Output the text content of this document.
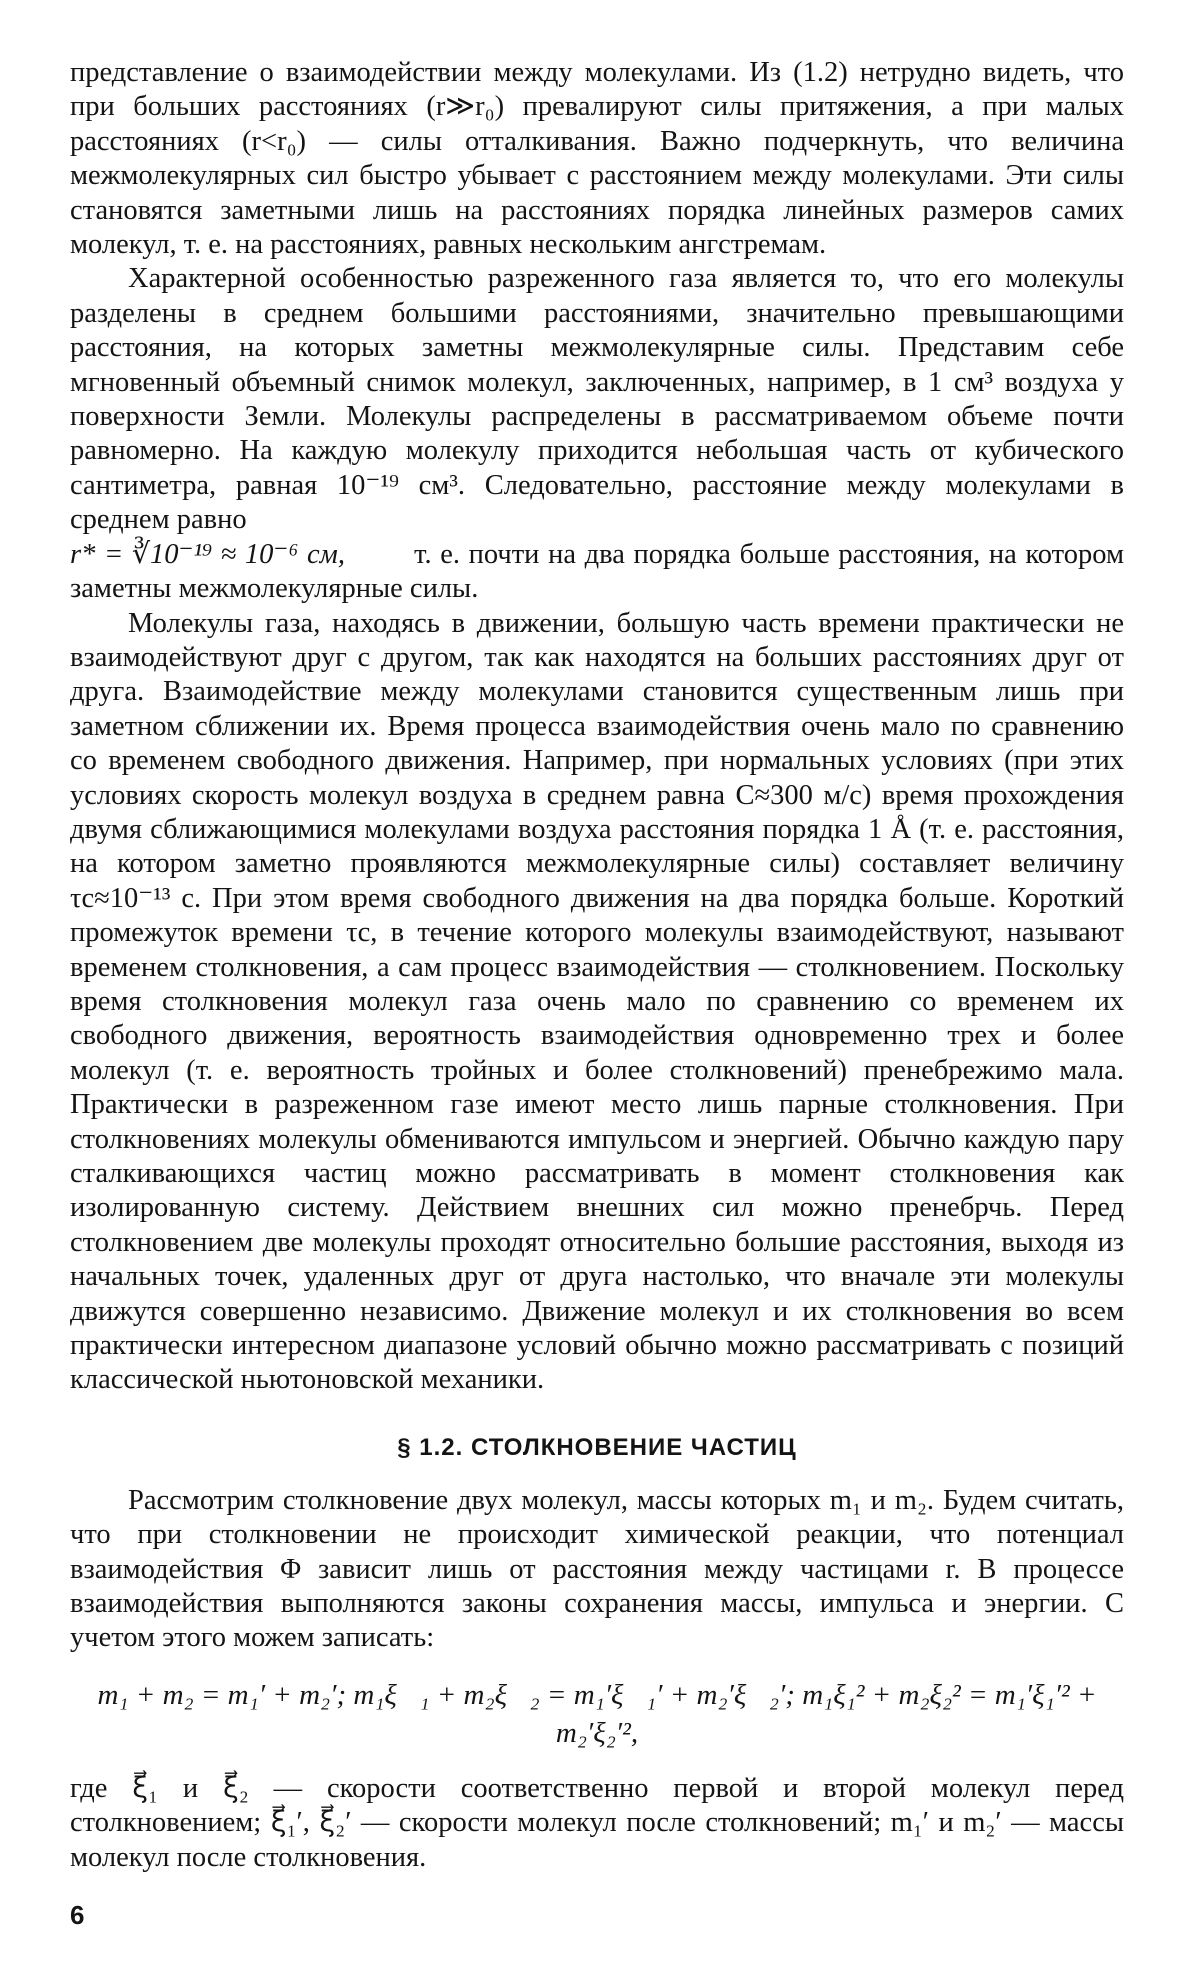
представление о взаимодействии между молекулами. Из (1.2) нетрудно видеть, что при больших расстояниях (r≫r₀) превалируют силы притяжения, а при малых расстояниях (r<r₀) — силы отталкивания. Важно подчеркнуть, что величина межмолекулярных сил быстро убывает с расстоянием между молекулами. Эти силы становятся заметными лишь на расстояниях порядка линейных размеров самих молекул, т. е. на расстояниях, равных нескольким ангстремам.

Характерной особенностью разреженного газа является то, что его молекулы разделены в среднем большими расстояниями, значительно превышающими расстояния, на которых заметны межмолекулярные силы. Представим себе мгновенный объемный снимок молекул, заключенных, например, в 1 см³ воздуха у поверхности Земли. Молекулы распределены в рассматриваемом объеме почти равномерно. На каждую молекулу приходится небольшая часть от кубического сантиметра, равная 10⁻¹⁹ см³. Следовательно, расстояние между молекулами в среднем равно

r* = ∛10⁻¹⁹ ≈ 10⁻⁶ см, т. е. почти на два порядка больше расстояния, на котором заметны межмолекулярные силы.

Молекулы газа, находясь в движении, большую часть времени практически не взаимодействуют друг с другом, так как находятся на больших расстояниях друг от друга. Взаимодействие между молекулами становится существенным лишь при заметном сближении их. Время процесса взаимодействия очень мало по сравнению со временем свободного движения. Например, при нормальных условиях (при этих условиях скорость молекул воздуха в среднем равна C≈300 м/с) время прохождения двумя сближающимися молекулами воздуха расстояния порядка 1 Å (т. е. расстояния, на котором заметно проявляются межмолекулярные силы) составляет величину τc≈10⁻¹³ с. При этом время свободного движения на два порядка больше. Короткий промежуток времени τc, в течение которого молекулы взаимодействуют, называют временем столкновения, а сам процесс взаимодействия — столкновением. Поскольку время столкновения молекул газа очень мало по сравнению со временем их свободного движения, вероятность взаимодействия одновременно трех и более молекул (т. е. вероятность тройных и более столкновений) пренебрежимо мала. Практически в разреженном газе имеют место лишь парные столкновения. При столкновениях молекулы обмениваются импульсом и энергией. Обычно каждую пару сталкивающихся частиц можно рассматривать в момент столкновения как изолированную систему. Действием внешних сил можно пренебрчь. Перед столкновением две молекулы проходят относительно большие расстояния, выходя из начальных точек, удаленных друг от друга настолько, что вначале эти молекулы движутся совершенно независимо. Движение молекул и их столкновения во всем практически интересном диапазоне условий обычно можно рассматривать с позиций классической ньютоновской механики.

§ 1.2. СТОЛКНОВЕНИЕ ЧАСТИЦ

Рассмотрим столкновение двух молекул, массы которых m₁ и m₂. Будем считать, что при столкновении не происходит химической реакции, что потенциал взаимодействия Φ зависит лишь от расстояния между частицами r. В процессе взаимодействия выполняются законы сохранения массы, импульса и энергии. С учетом этого можем записать:

m₁ + m₂ = m₁′ + m₂′; m₁ξ⃗₁ + m₂ξ⃗₂ = m₁′ξ⃗₁′ + m₂′ξ⃗₂′; m₁ξ₁² + m₂ξ₂² = m₁′ξ₁′² + m₂′ξ₂′²,

где ξ⃗₁ и ξ⃗₂ — скорости соответственно первой и второй молекул перед столкновением; ξ⃗₁′, ξ⃗₂′ — скорости молекул после столкновений; m₁′ и m₂′ — массы молекул после столкновения.

6
